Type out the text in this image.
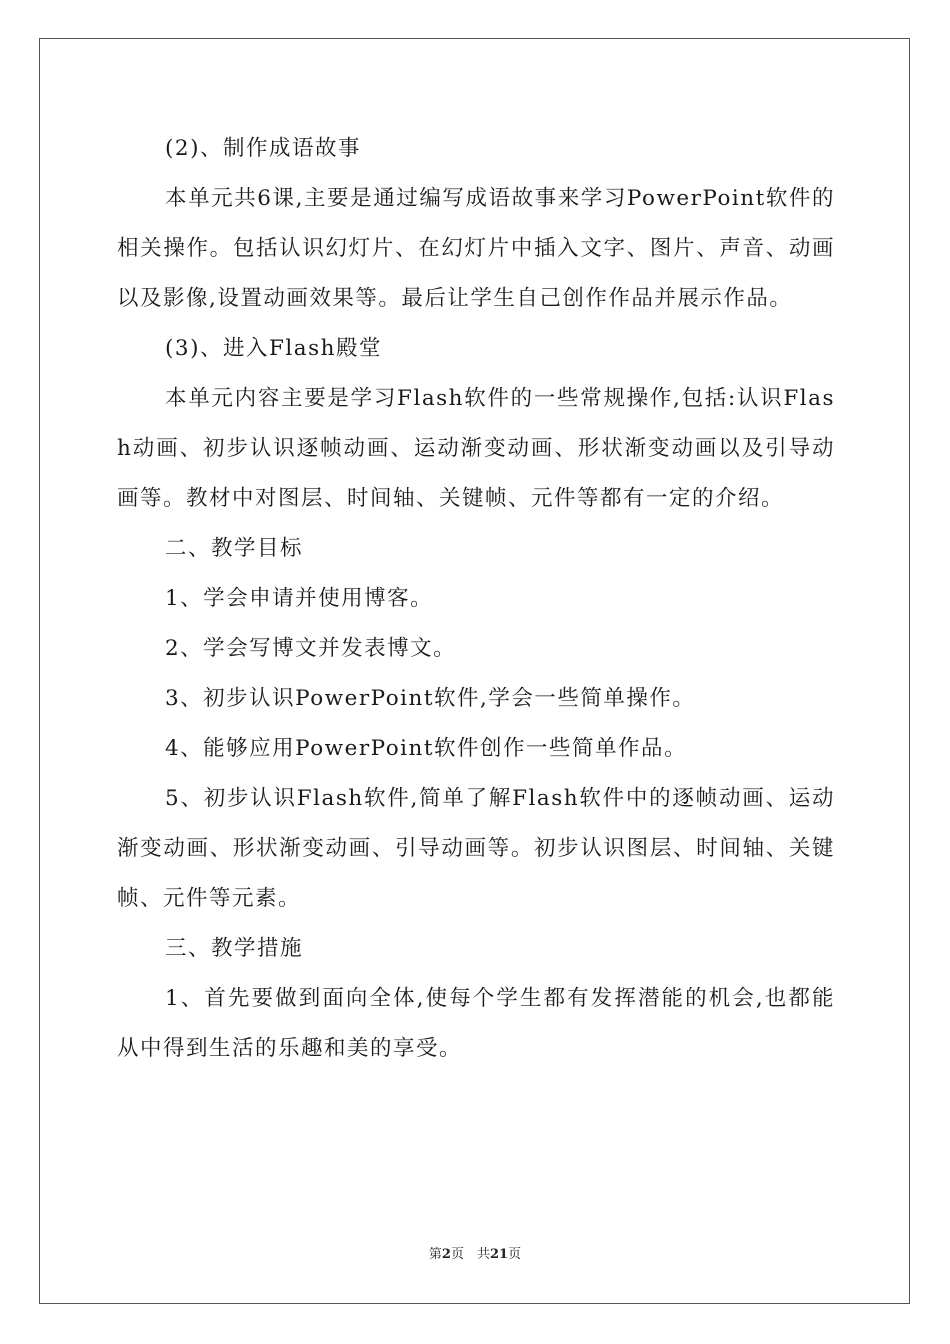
(2)、制作成语故事

本单元共6课,主要是通过编写成语故事来学习PowerPoint软件的相关操作。包括认识幻灯片、在幻灯片中插入文字、图片、声音、动画以及影像,设置动画效果等。最后让学生自己创作作品并展示作品。

(3)、进入Flash殿堂

本单元内容主要是学习Flash软件的一些常规操作,包括:认识Flash动画、初步认识逐帧动画、运动渐变动画、形状渐变动画以及引导动画等。教材中对图层、时间轴、关键帧、元件等都有一定的介绍。

二、教学目标

1、学会申请并使用博客。

2、学会写博文并发表博文。

3、初步认识PowerPoint软件,学会一些简单操作。

4、能够应用PowerPoint软件创作一些简单作品。

5、初步认识Flash软件,简单了解Flash软件中的逐帧动画、运动渐变动画、形状渐变动画、引导动画等。初步认识图层、时间轴、关键帧、元件等元素。

三、教学措施

1、首先要做到面向全体,使每个学生都有发挥潜能的机会,也都能从中得到生活的乐趣和美的享受。

第2页　共21页
